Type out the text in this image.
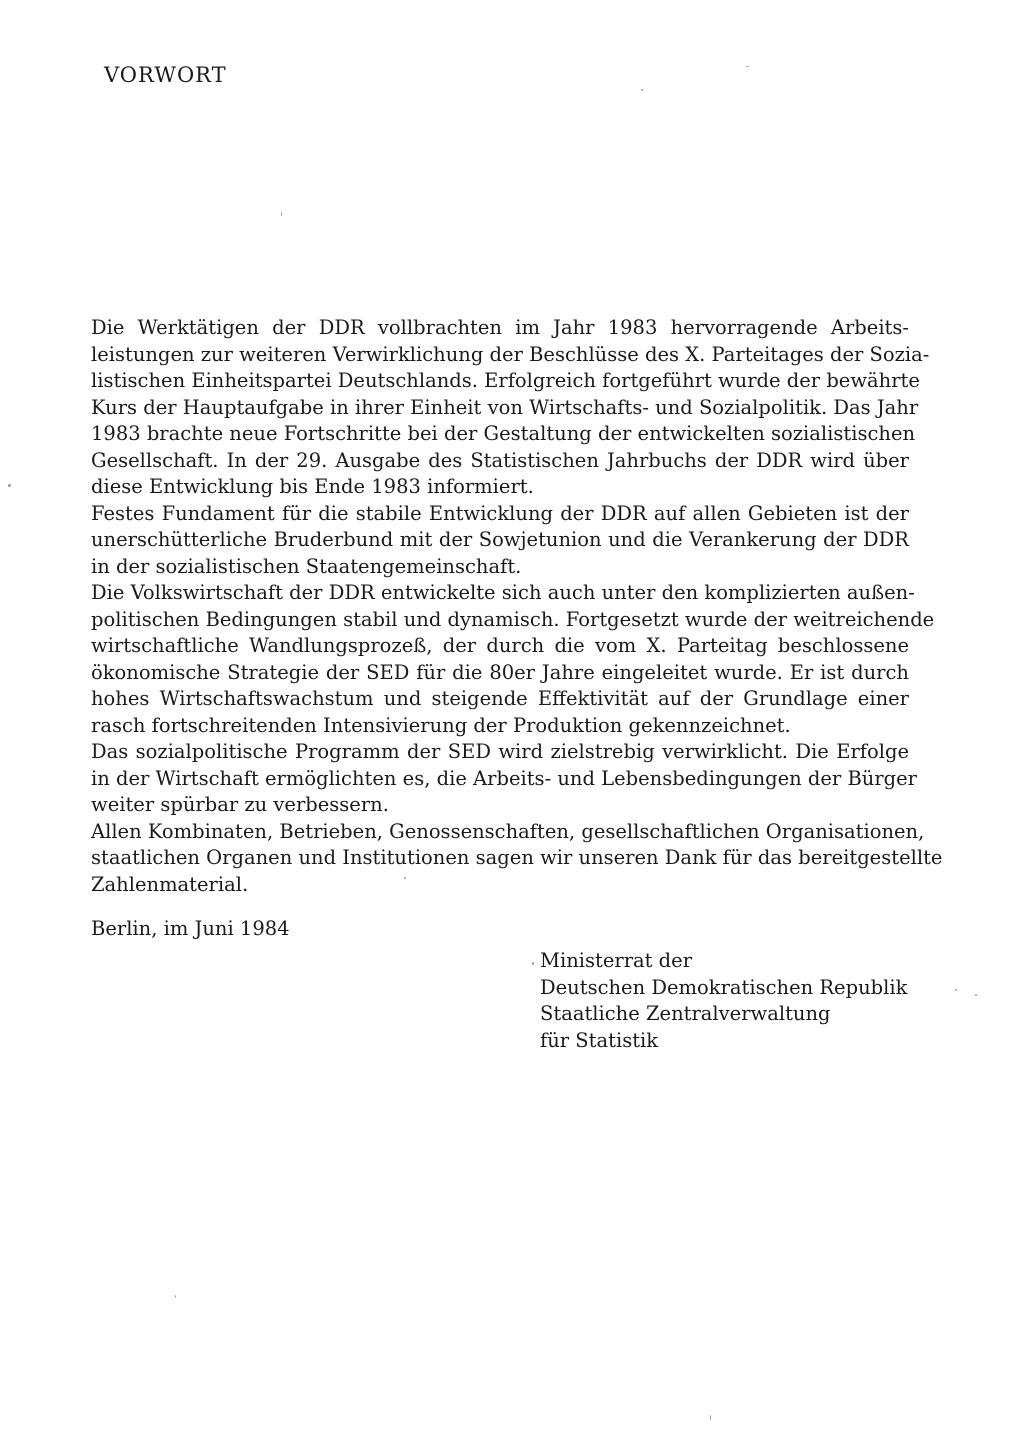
VORWORT
Die Werktätigen der DDR vollbrachten im Jahr 1983 hervorragende Arbeits-
leistungen zur weiteren Verwirklichung der Beschlüsse des X. Parteitages der Sozia-
listischen Einheitspartei Deutschlands. Erfolgreich fortgeführt wurde der bewährte
Kurs der Hauptaufgabe in ihrer Einheit von Wirtschafts- und Sozialpolitik. Das Jahr
1983 brachte neue Fortschritte bei der Gestaltung der entwickelten sozialistischen
Gesellschaft. In der 29. Ausgabe des Statistischen Jahrbuchs der DDR wird über
diese Entwicklung bis Ende 1983 informiert.
Festes Fundament für die stabile Entwicklung der DDR auf allen Gebieten ist der
unerschütterliche Bruderbund mit der Sowjetunion und die Verankerung der DDR
in der sozialistischen Staatengemeinschaft.
Die Volkswirtschaft der DDR entwickelte sich auch unter den komplizierten außen-
politischen Bedingungen stabil und dynamisch. Fortgesetzt wurde der weitreichende
wirtschaftliche Wandlungsprozeß, der durch die vom X. Parteitag beschlossene
ökonomische Strategie der SED für die 80er Jahre eingeleitet wurde. Er ist durch
hohes Wirtschaftswachstum und steigende Effektivität auf der Grundlage einer
rasch fortschreitenden Intensivierung der Produktion gekennzeichnet.
Das sozialpolitische Programm der SED wird zielstrebig verwirklicht. Die Erfolge
in der Wirtschaft ermöglichten es, die Arbeits- und Lebensbedingungen der Bürger
weiter spürbar zu verbessern.
Allen Kombinaten, Betrieben, Genossenschaften, gesellschaftlichen Organisationen,
staatlichen Organen und Institutionen sagen wir unseren Dank für das bereitgestellte
Zahlenmaterial.
Berlin, im Juni 1984
Ministerrat der
Deutschen Demokratischen Republik
Staatliche Zentralverwaltung
für Statistik
